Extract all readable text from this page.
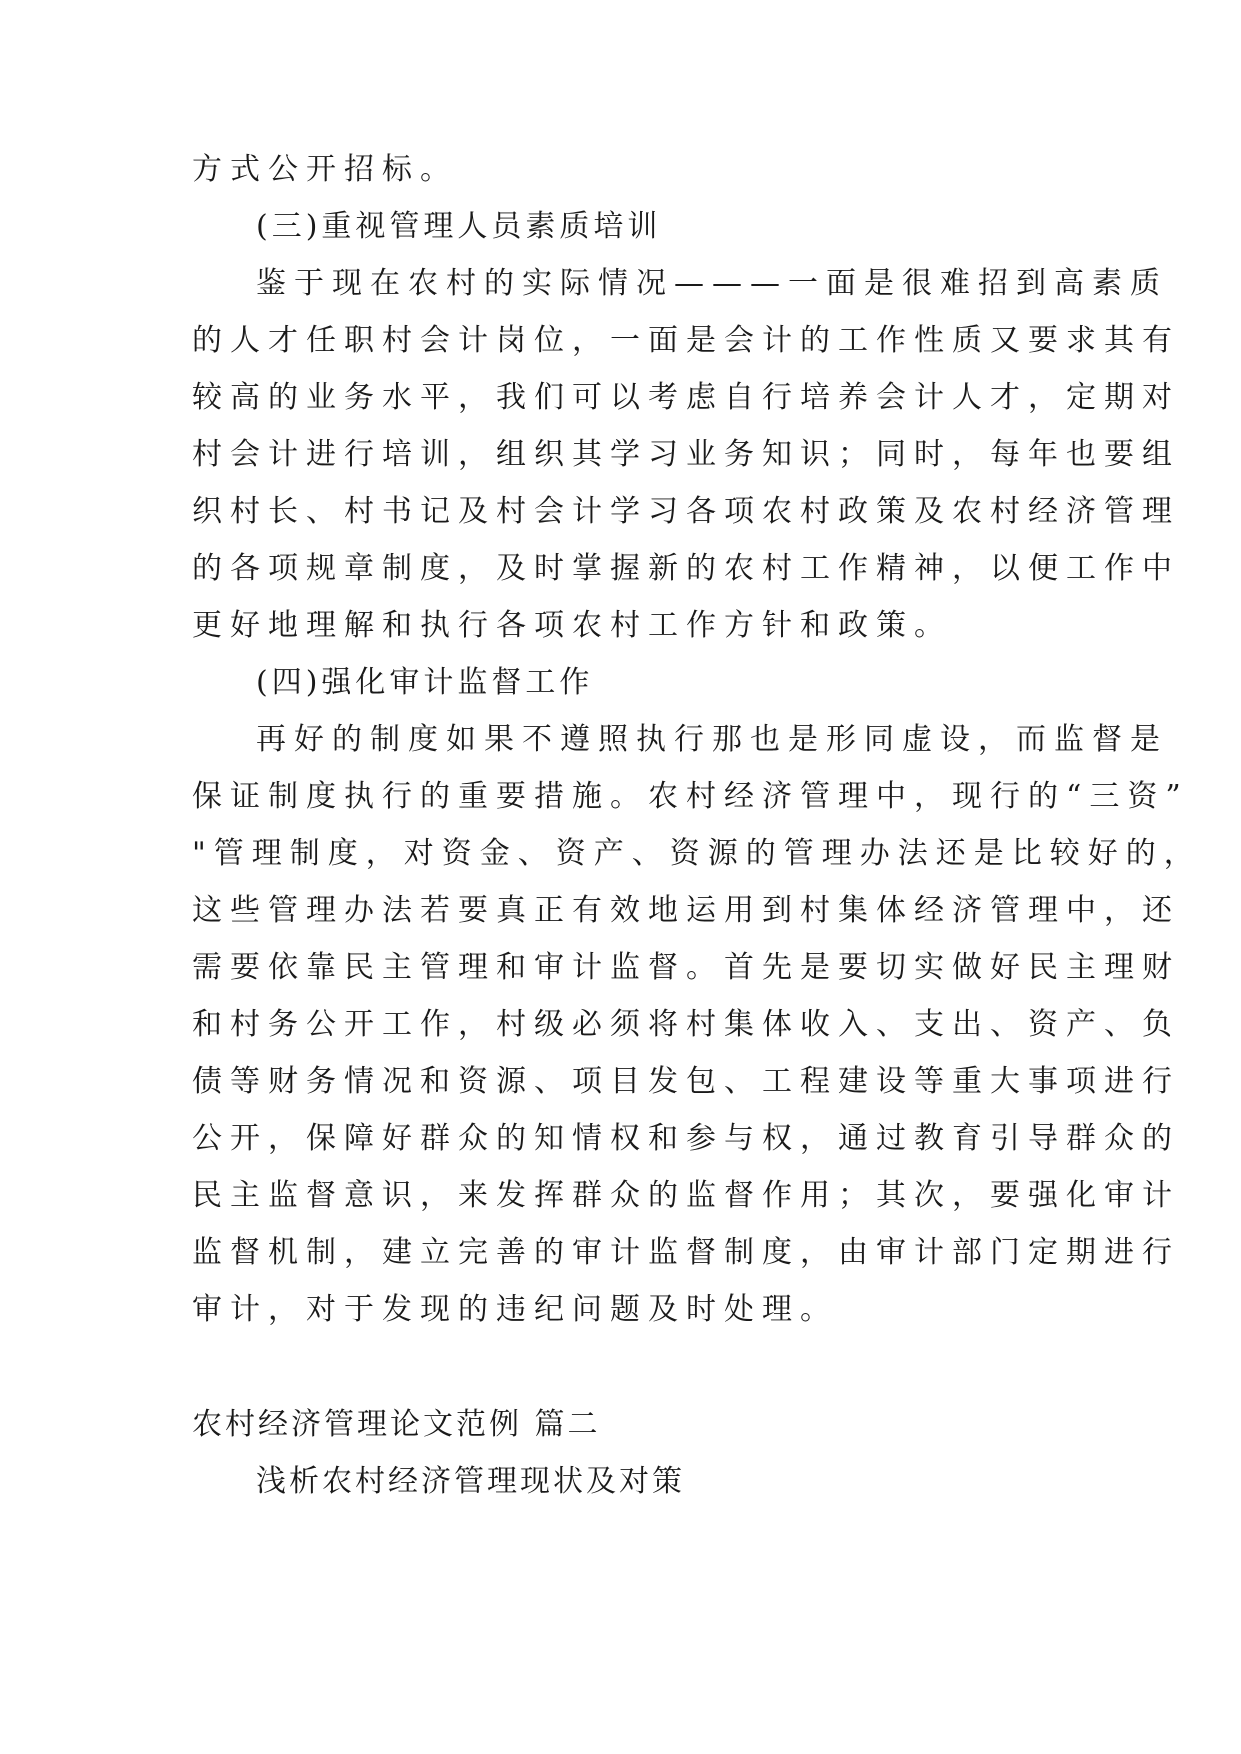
方式公开招标。
(三)重视管理人员素质培训
鉴于现在农村的实际情况———一面是很难招到高素质
的人才任职村会计岗位，一面是会计的工作性质又要求其有
较高的业务水平，我们可以考虑自行培养会计人才，定期对
村会计进行培训，组织其学习业务知识；同时，每年也要组
织村长、村书记及村会计学习各项农村政策及农村经济管理
的各项规章制度，及时掌握新的农村工作精神，以便工作中
更好地理解和执行各项农村工作方针和政策。
(四)强化审计监督工作
再好的制度如果不遵照执行那也是形同虚设，而监督是
保证制度执行的重要措施。农村经济管理中，现行的“三资”
"管理制度，对资金、资产、资源的管理办法还是比较好的，
这些管理办法若要真正有效地运用到村集体经济管理中，还
需要依靠民主管理和审计监督。首先是要切实做好民主理财
和村务公开工作，村级必须将村集体收入、支出、资产、负
债等财务情况和资源、项目发包、工程建设等重大事项进行
公开，保障好群众的知情权和参与权，通过教育引导群众的
民主监督意识，来发挥群众的监督作用；其次，要强化审计
监督机制，建立完善的审计监督制度，由审计部门定期进行
审计，对于发现的违纪问题及时处理。
农村经济管理论文范例 篇二
浅析农村经济管理现状及对策
